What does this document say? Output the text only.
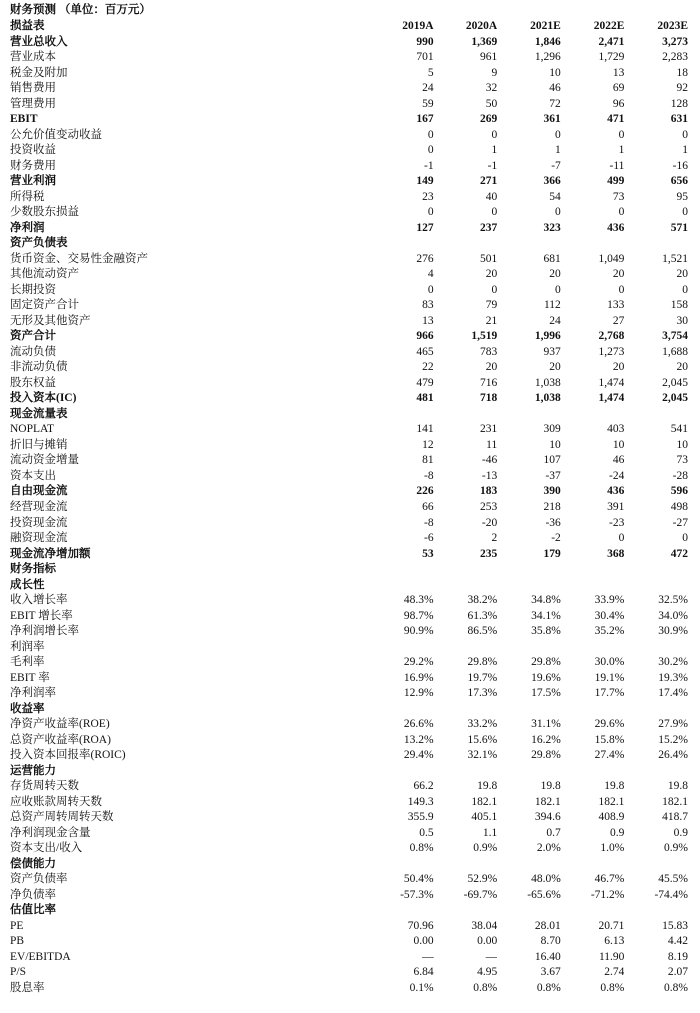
财务预测 （单位：百万元）
损益表	2019A	2020A	2021E	2022E	2023E
营业总收入	990	1,369	1,846	2,471	3,273
营业成本	701	961	1,296	1,729	2,283
税金及附加	5	9	10	13	18
销售费用	24	32	46	69	92
管理费用	59	50	72	96	128
EBIT	167	269	361	471	631
公允价值变动收益	0	0	0	0	0
投资收益	0	1	1	1	1
财务费用	-1	-1	-7	-11	-16
营业利润	149	271	366	499	656
所得税	23	40	54	73	95
少数股东损益	0	0	0	0	0
净利润	127	237	323	436	571
资产负债表					
货币资金、交易性金融资产	276	501	681	1,049	1,521
其他流动资产	4	20	20	20	20
长期投资	0	0	0	0	0
固定资产合计	83	79	112	133	158
无形及其他资产	13	21	24	27	30
资产合计	966	1,519	1,996	2,768	3,754
流动负债	465	783	937	1,273	1,688
非流动负债	22	20	20	20	20
股东权益	479	716	1,038	1,474	2,045
投入资本(IC)	481	718	1,038	1,474	2,045
现金流量表					
NOPLAT	141	231	309	403	541
折旧与摊销	12	11	10	10	10
流动资金增量	81	-46	107	46	73
资本支出	-8	-13	-37	-24	-28
自由现金流	226	183	390	436	596
经营现金流	66	253	218	391	498
投资现金流	-8	-20	-36	-23	-27
融资现金流	-6	2	-2	0	0
现金流净增加额	53	235	179	368	472
财务指标					
成长性					
收入增长率	48.3%	38.2%	34.8%	33.9%	32.5%
EBIT 增长率	98.7%	61.3%	34.1%	30.4%	34.0%
净利润增长率	90.9%	86.5%	35.8%	35.2%	30.9%
利润率					
毛利率	29.2%	29.8%	29.8%	30.0%	30.2%
EBIT 率	16.9%	19.7%	19.6%	19.1%	19.3%
净利润率	12.9%	17.3%	17.5%	17.7%	17.4%
收益率					
净资产收益率(ROE)	26.6%	33.2%	31.1%	29.6%	27.9%
总资产收益率(ROA)	13.2%	15.6%	16.2%	15.8%	15.2%
投入资本回报率(ROIC)	29.4%	32.1%	29.8%	27.4%	26.4%
运营能力					
存货周转天数	66.2	19.8	19.8	19.8	19.8
应收账款周转天数	149.3	182.1	182.1	182.1	182.1
总资产周转周转天数	355.9	405.1	394.6	408.9	418.7
净利润现金含量	0.5	1.1	0.7	0.9	0.9
资本支出/收入	0.8%	0.9%	2.0%	1.0%	0.9%
偿债能力					
资产负债率	50.4%	52.9%	48.0%	46.7%	45.5%
净负债率	-57.3%	-69.7%	-65.6%	-71.2%	-74.4%
估值比率					
PE	70.96	38.04	28.01	20.71	15.83
PB	0.00	0.00	8.70	6.13	4.42
EV/EBITDA	—	—	16.40	11.90	8.19
P/S	6.84	4.95	3.67	2.74	2.07
股息率	0.1%	0.8%	0.8%	0.8%	0.8%
